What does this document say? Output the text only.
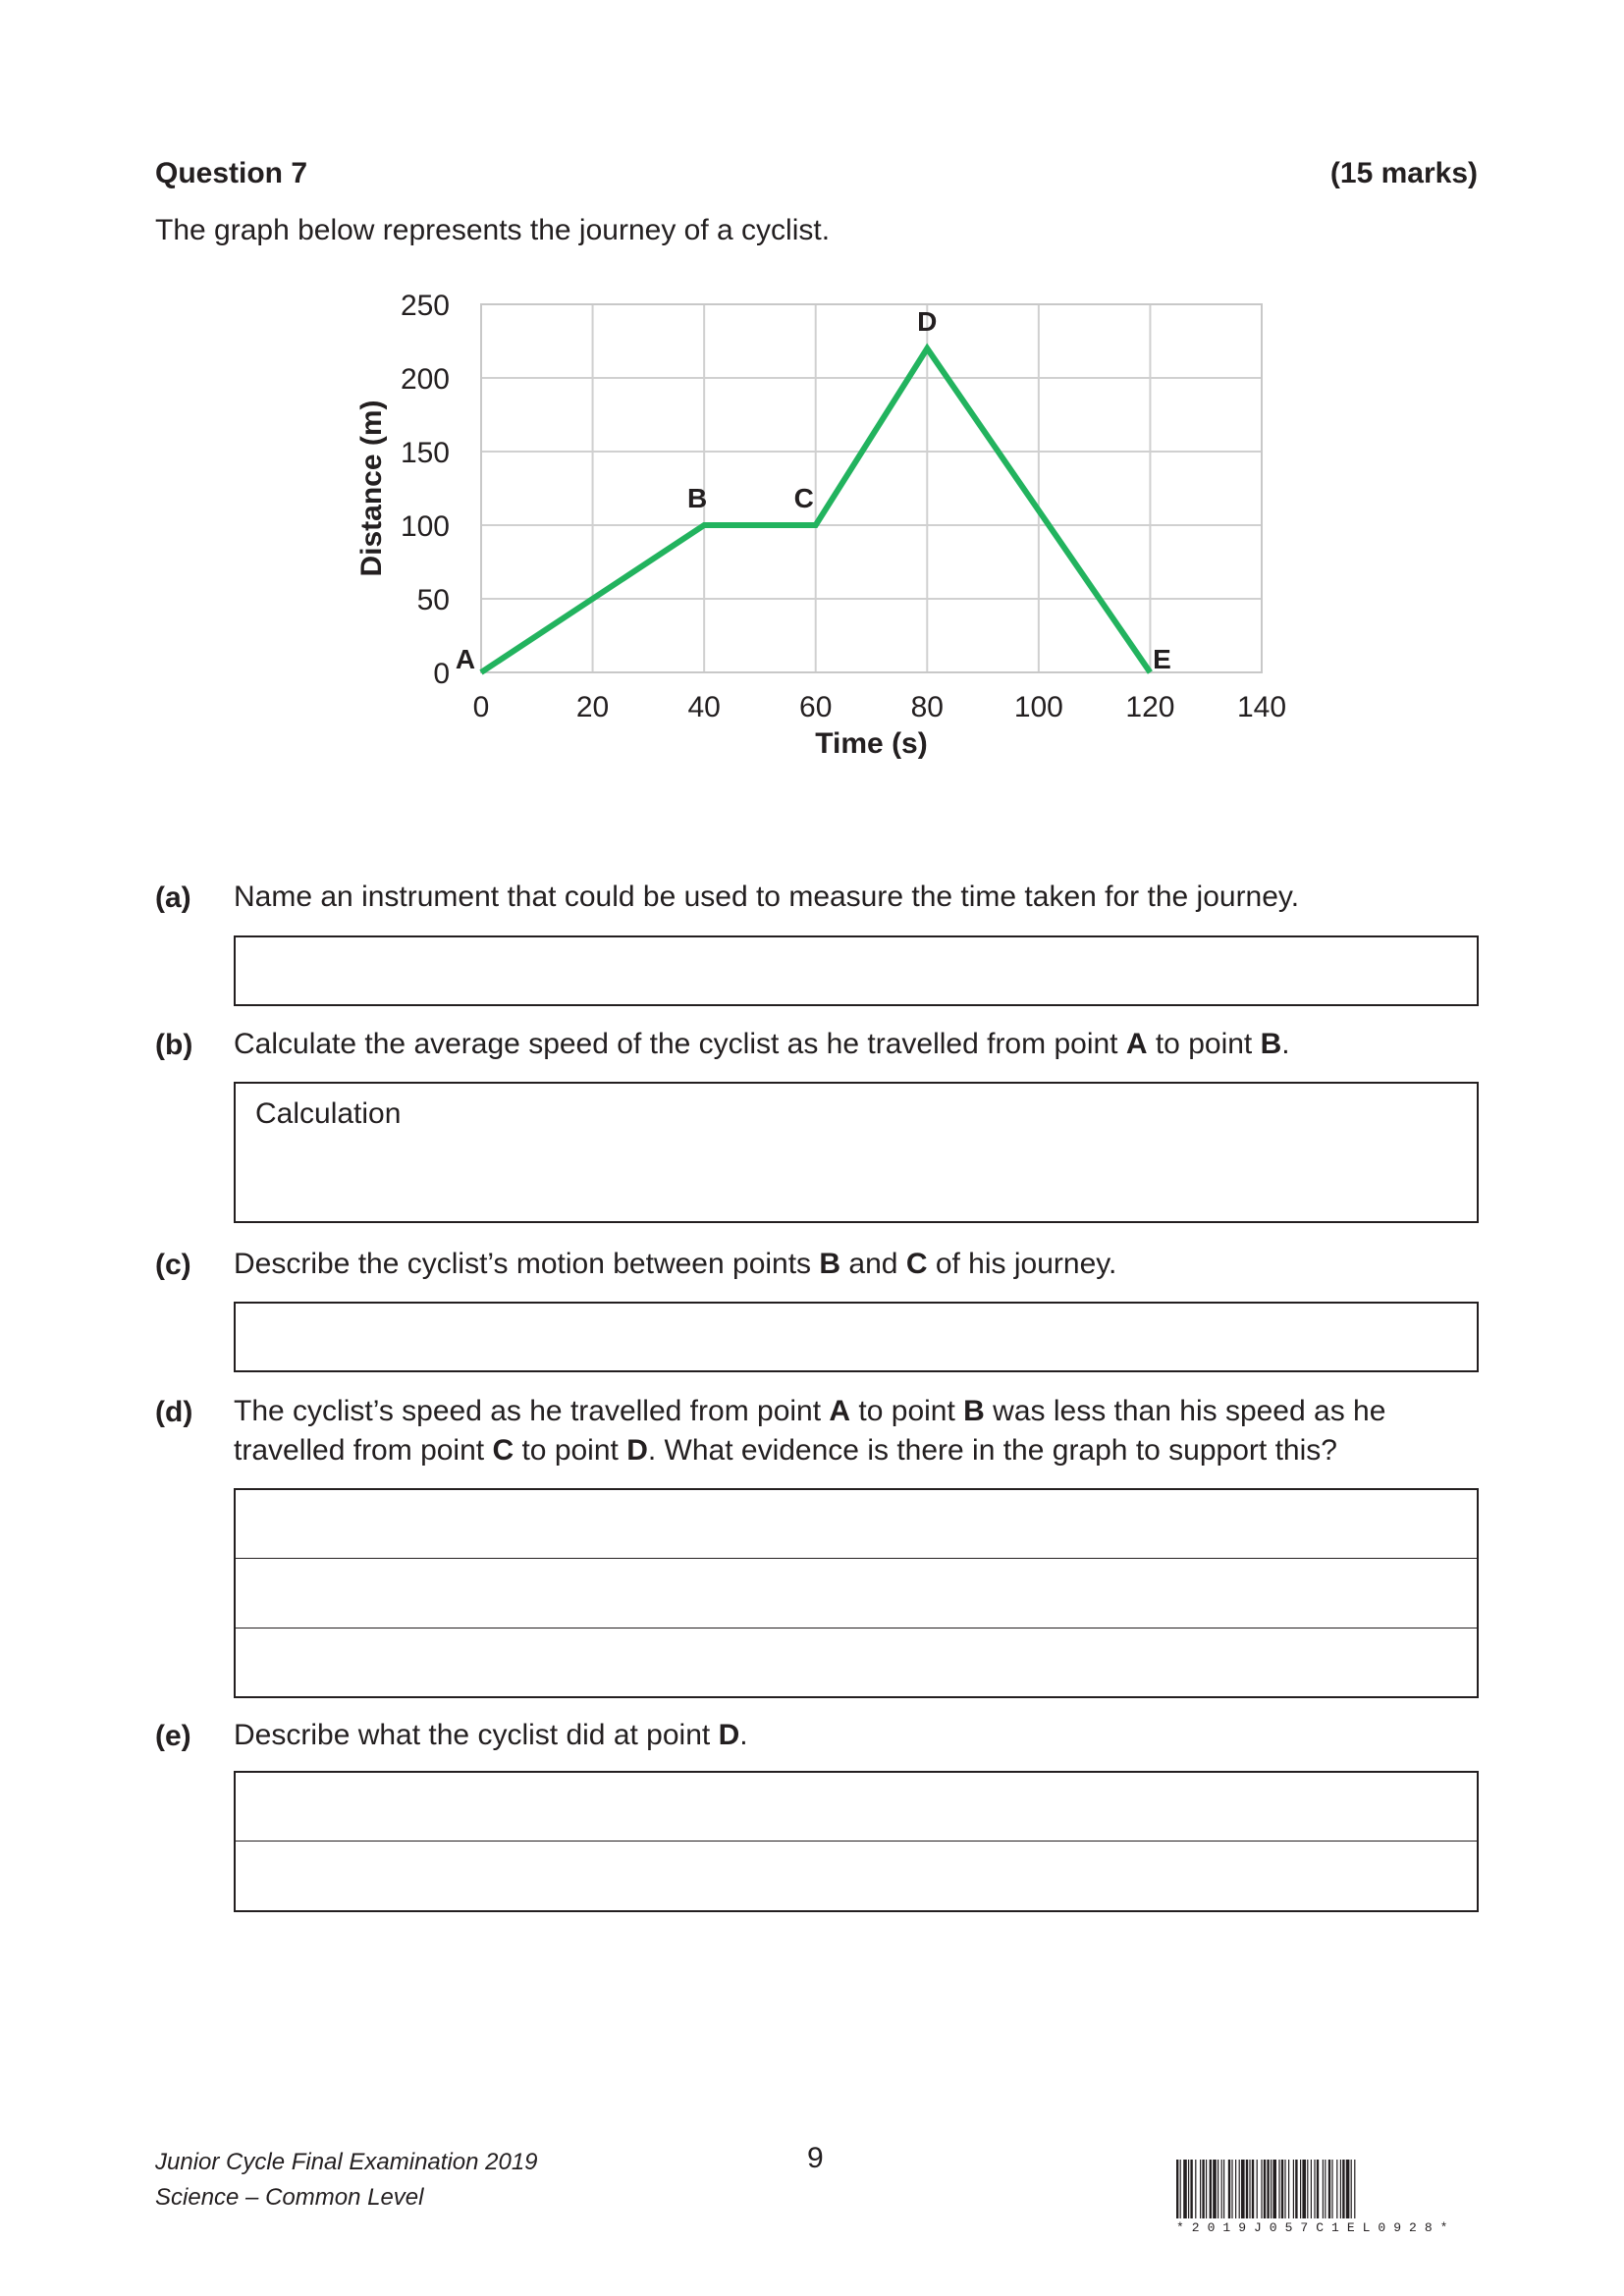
Question 7	(15 marks)
The graph below represents the journey of a cyclist.
0	20	40	60	80 100 120 140
0
50
100
150
200
250
Time (s)
Distance (m)
A
B	C
D
E
(a) Name an instrument that could be used to measure the time taken for the journey.
(b) Calculate the average speed of the cyclist as he travelled from point A to point B.
Calculation
(c) Describe the cyclist’s motion between points B and C of his journey.
(d) The cyclist’s speed as he travelled from point A to point B was less than his speed as he travelled from point C to point D. What evidence is there in the graph to support this?
(e) Describe what the cyclist did at point D.
Junior Cycle Final Examination 2019
Science – Common Level
9
*2019J057C1EL0928*
